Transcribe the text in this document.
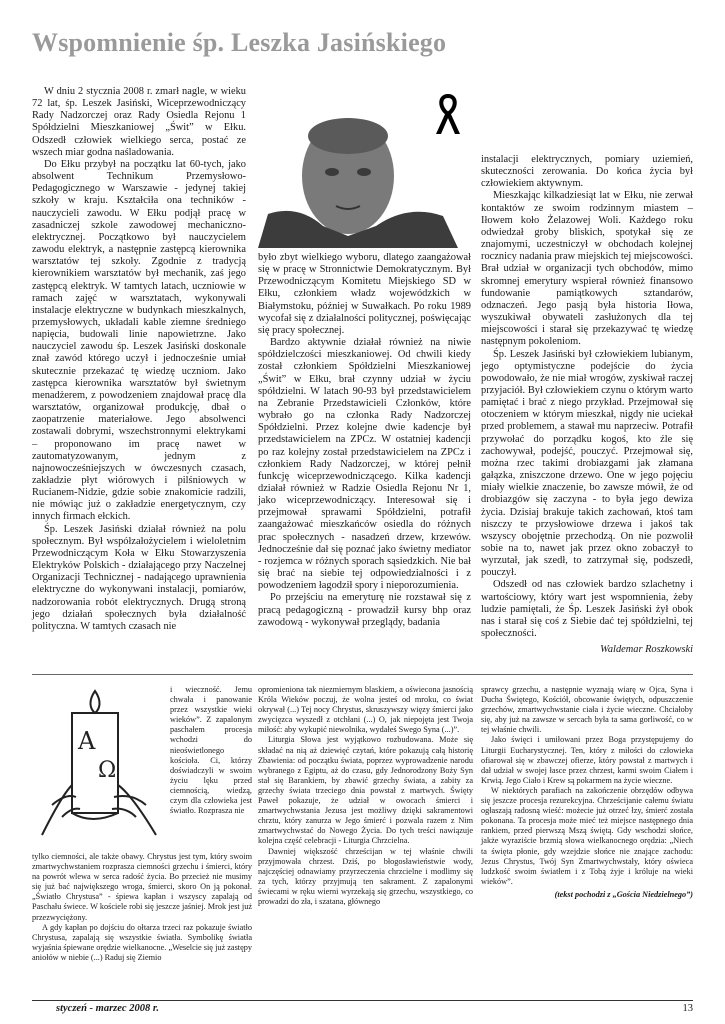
Wspomnienie śp. Leszka Jasińskiego

W dniu 2 stycznia 2008 r. zmarł nagle, w wieku 72 lat, śp. Leszek Jasiński, Wiceprzewodniczący Rady Nadzorczej oraz Rady Osiedla Rejonu 1 Spółdzielni Mieszkaniowej „Świt” w Ełku. Odszedł człowiek wielkiego serca, postać ze wszech miar godna naśladowania.

Do Ełku przybył na początku lat 60-tych, jako absolwent Technikum Przemysłowo-Pedagogicznego w Warszawie - jedynej takiej szkoły w kraju. Kształciła ona techników - nauczycieli zawodu. W Ełku podjął pracę w zasadniczej szkole zawodowej mechaniczno-elektrycznej. Początkowo był nauczycielem zawodu elektryk, a następnie zastępcą kierownika warsztatów tej szkoły. Zgodnie z tradycją kierownikiem warsztatów był mechanik, zaś jego zastępcą elektryk. W tamtych latach, uczniowie w ramach zajęć w warsztatach, wykonywali instalacje elektryczne w budynkach mieszkalnych, przemysłowych, układali kable ziemne średniego napięcia, budowali linie napowietrzne. Jako nauczyciel zawodu śp. Leszek Jasiński doskonale znał zawód którego uczył i jednocześnie umiał skutecznie przekazać tę wiedzę uczniom. Jako zastępca kierownika warsztatów był świetnym menadżerem, z powodzeniem znajdował pracę dla warsztatów, organizował produkcję, dbał o zaopatrzenie materiałowe. Jego absolwenci zostawali dobrymi, wszechstronnymi elektrykami – proponowano im pracę nawet w zautomatyzowanym, jednym z najnowocześniejszych w ówczesnych czasach, zakładzie płyt wiórowych i pilśniowych w Rucianem-Nidzie, gdzie sobie znakomicie radzili, nie mówiąc już o zakładzie energetycznym, czy innych firmach ełckich.

Śp. Leszek Jasiński działał również na polu społecznym. Był współzałożycielem i wieloletnim Przewodniczącym Koła w Ełku Stowarzyszenia Elektryków Polskich - działającego przy Naczelnej Organizacji Technicznej - nadającego uprawnienia elektryczne do wykonywani instalacji, pomiarów, nadzorowania robót elektrycznych. Drugą stroną jego działań społecznych była działalność polityczna. W tamtych czasach nie

było zbyt wielkiego wyboru, dlatego zaangażował się w pracę w Stronnictwie Demokratycznym. Był Przewodniczącym Komitetu Miejskiego SD w Ełku, członkiem władz wojewódzkich w Białymstoku, później w Suwałkach. Po roku 1989 wycofał się z działalności politycznej, poświęcając się pracy społecznej.

Bardzo aktywnie działał również na niwie spółdzielczości mieszkaniowej. Od chwili kiedy został członkiem Spółdzielni Mieszkaniowej „Świt” w Ełku, brał czynny udział w życiu spółdzielni. W latach 90-93 był przedstawicielem na Zebranie Przedstawicieli Członków, które wybrało go na członka Rady Nadzorczej Spółdzielni. Przez kolejne dwie kadencje był przedstawicielem na ZPCz. W ostatniej kadencji po raz kolejny został przedstawicielem na ZPCz i członkiem Rady Nadzorczej, w której pełnił funkcję wiceprzewodniczącego. Kilka kadencji działał również w Radzie Osiedla Rejonu Nr 1, jako wiceprzewodniczący. Interesował się i przejmował sprawami Spółdzielni, potrafił zaangażować mieszkańców osiedla do różnych prac społecznych - nasadzeń drzew, krzewów. Jednocześnie dał się poznać jako świetny mediator - rozjemca w różnych sporach sąsiedzkich. Nie bał się brać na siebie tej odpowiedzialności i z powodzeniem łagodził spory i nieporozumienia.

Po przejściu na emeryturę nie rozstawał się z pracą pedagogiczną - prowadził kursy bhp oraz zawodową - wykonywał przeglądy, badania

instalacji elektrycznych, pomiary uziemień, skuteczności zerowania. Do końca życia był człowiekiem aktywnym.

Mieszkając kilkadziesiąt lat w Ełku, nie zerwał kontaktów ze swoim rodzinnym miastem – Iłowem koło Żelazowej Woli. Każdego roku odwiedzał groby bliskich, spotykał się ze znajomymi, uczestniczył w obchodach kolejnej rocznicy nadania praw miejskich tej miejscowości. Brał udział w organizacji tych obchodów, mimo skromnej emerytury wspierał również finansowo fundowanie pamiątkowych sztandarów, odznaczeń. Jego pasją była historia Iłowa, wyszukiwał obywateli zasłużonych dla tej miejscowości i starał się przekazywać tę wiedzę następnym pokoleniom.

Śp. Leszek Jasiński był człowiekiem lubianym, jego optymistyczne podejście do życia powodowało, że nie miał wrogów, zyskiwał raczej przyjaciół. Był człowiekiem czynu o którym warto pamiętać i brać z niego przykład. Przejmował się otoczeniem w którym mieszkał, nigdy nie uciekał przed problemem, a stawał mu naprzeciw. Potrafił przywołać do porządku kogoś, kto źle się zachowywał, podejść, pouczyć. Przejmował się, można rzec takimi drobiazgami jak złamana gałązka, zniszczone drzewo. One w jego pojęciu miały wielkie znaczenie, bo zawsze mówił, że od drobiazgów się zaczyna - to była jego dewiza życia. Dzisiaj brakuje takich zachowań, ktoś tam niszczy te przysłowiowe drzewa i jakoś tak wszyscy obojętnie przechodzą. On nie pozwolił sobie na to, nawet jak przez okno zobaczył to wyrzutał, jak szedł, to zatrzymał się, podszedł, pouczył.

Odszedł od nas człowiek bardzo szlachetny i wartościowy, który wart jest wspomnienia, żeby ludzie pamiętali, że Śp. Leszek Jasiński żył obok nas i starał się coś z Siebie dać tej spółdzielni, tej społeczności.

Waldemar Roszkowski

A
Ω

i wieczność. Jemu chwała i panowanie przez wszystkie wieki wieków”. Z zapalonym paschałem procesja wchodzi do nieoświetlonego kościoła. Ci, którzy doświadczyli w swoim życiu lęku przed ciemnością, wiedzą, czym dla człowieka jest światło. Rozprasza nie

tylko ciemności, ale także obawy. Chrystus jest tym, który swoim zmartwychwstaniem rozprasza ciemności grzechu i śmierci, który na powrót wlewa w serca radość życia. Bo przecież nie musimy się już bać największego wroga, śmierci, skoro On ją pokonał. „Światło Chrystusa” - śpiewa kapłan i wszyscy zapalają od Paschału świece. W kościele robi się jeszcze jaśniej. Mrok jest już przezwyciężony.

A gdy kapłan po dojściu do ołtarza trzeci raz pokazuje światło Chrystusa, zapalają się wszystkie światła. Symbolikę światła wyjaśnia śpiewane orędzie wielkanocne. „Weselcie się już zastępy aniołów w niebie (...) Raduj się Ziemio

opromieniona tak niezmiernym blaskiem, a oświecona jasnością Króla Wieków poczuj, że wolna jesteś od mroku, co świat okrywał (...) Tej nocy Chrystus, skruszywszy więzy śmierci jako zwycięzca wyszedł z otchłani (...) O, jak niepojęta jest Twoja miłość: aby wykupić niewolnika, wydałeś Swego Syna (...)”.

Liturgia Słowa jest wyjątkowo rozbudowana. Może się składać na nią aż dziewięć czytań, które pokazują całą historię Zbawienia: od początku świata, poprzez wyprowadzenie narodu wybranego z Egiptu, aż do czasu, gdy Jednorodzony Boży Syn stał się Barankiem, by zbawić grzechy świata, a zabity za grzechy świata trzeciego dnia powstał z martwych. Święty Paweł pokazuje, że udział w owocach śmierci i zmartwychwstania Jezusa jest możliwy dzięki sakramentowi chrztu, który zanurza w Jego śmierć i pozwala razem z Nim zmartwychwstać do Nowego Życia. Do tych treści nawiązuje kolejna część celebracji - Liturgia Chrzcielna.

Dawniej większość chrześcijan w tej właśnie chwili przyjmowała chrzest. Dziś, po błogosławieństwie wody, najczęściej odnawiamy przyrzeczenia chrzcielne i modlimy się za tych, którzy przyjmują ten sakrament. Z zapalonymi świecami w ręku wierni wyrzekają się grzechu, wszystkiego, co prowadzi do zła, i szatana, głównego

sprawcy grzechu, a następnie wyznają wiarę w Ojca, Syna i Ducha Świętego, Kościół, obcowanie świętych, odpuszczenie grzechów, zmartwychwstanie ciała i życie wieczne. Chciałoby się, aby już na zawsze w sercach była ta sama gorliwość, co w tej właśnie chwili.

Jako święci i umiłowani przez Boga przystępujemy do Liturgii Eucharystycznej. Ten, który z miłości do człowieka ofiarował się w zbawczej ofierze, który powstał z martwych i dał udział w swojej łasce przez chrzest, karmi swoim Ciałem i Krwią. Jego Ciało i Krew są pokarmem na życie wieczne.

W niektórych parafiach na zakończenie obrzędów odbywa się jeszcze procesja rezurekcyjna. Chrześcijanie całemu światu ogłaszają radosną wieść: możecie już otrzeć łzy, śmierć została pokonana. Ta procesja może mieć też miejsce następnego dnia rankiem, przed pierwszą Mszą świętą. Gdy wschodzi słońce, jakże wyraziście brzmią słowa wielkanocnego orędzia: „Niech ta święta płonie, gdy wzejdzie słońce nie znające zachodu: Jezus Chrystus, Twój Syn Zmartwychwstały, który oświeca ludzkość swoim światłem i z Tobą żyje i króluje na wieki wieków”.

(tekst pochodzi z „Gościa Niedzielnego”)

styczeń - marzec 2008 r.	13
